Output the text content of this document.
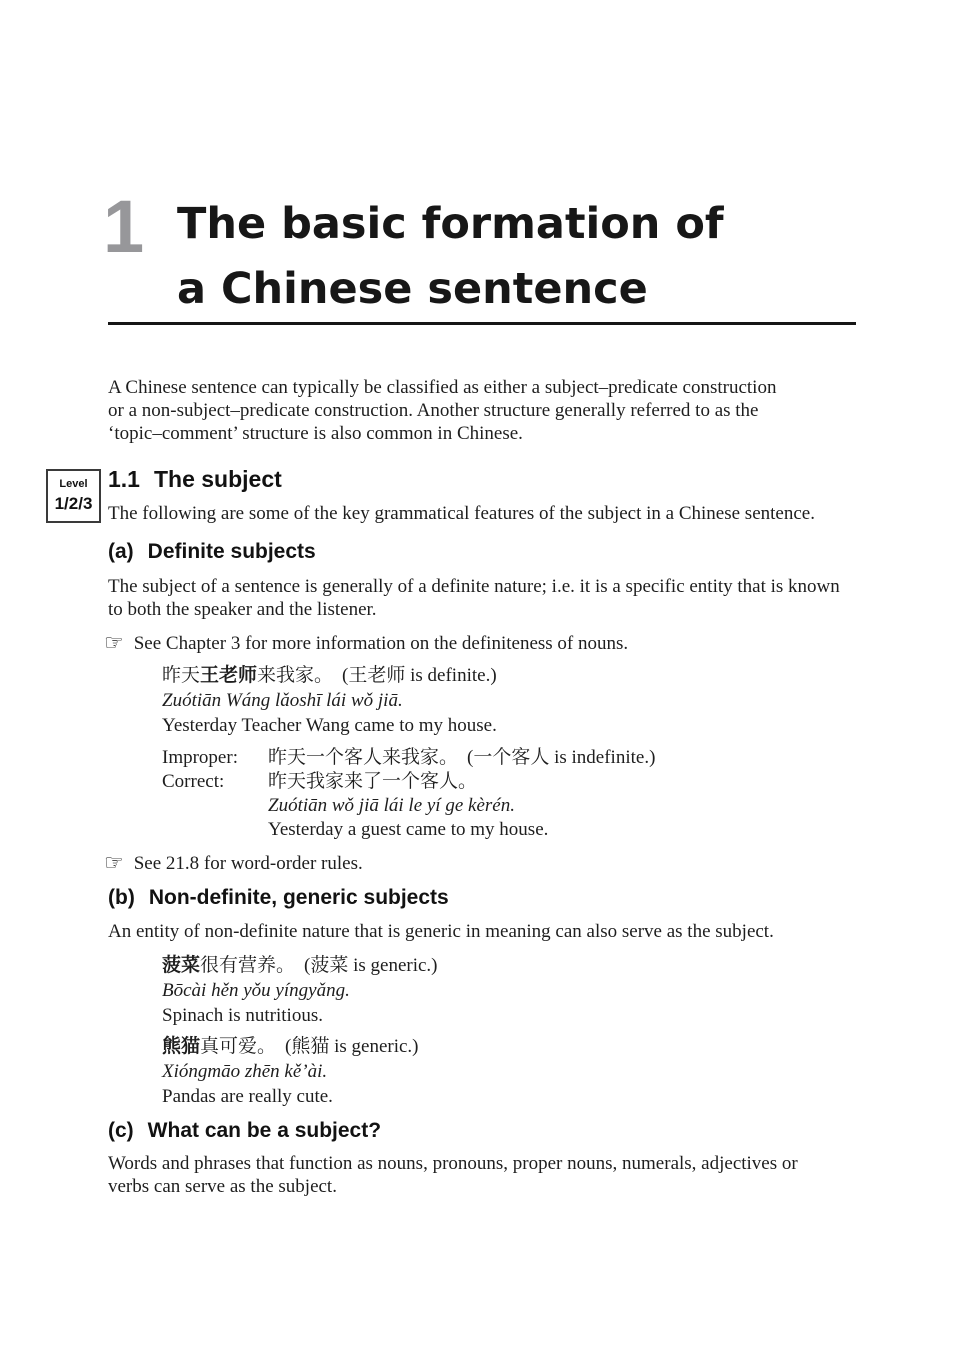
1 The basic formation of
a Chinese sentence
A Chinese sentence can typically be classified as either a subject–predicate construction
or a non-subject–predicate construction. Another structure generally referred to as the
‘topic–comment’ structure is also common in Chinese.
Level
1/2/3
1.1 The subject
The following are some of the key grammatical features of the subject in a Chinese sentence.
(a) Definite subjects
The subject of a sentence is generally of a definite nature; i.e. it is a specific entity that is known
to both the speaker and the listener.
☞ See Chapter 3 for more information on the definiteness of nouns.
昨天王老师来我家。 (王老师 is definite.)
Zuótiān Wáng lǎoshī lái wǒ jiā.
Yesterday Teacher Wang came to my house.
Improper:	昨天一个客人来我家。 (一个客人 is indefinite.)
Correct:	昨天我家来了一个客人。
Zuótiān wǒ jiā lái le yí ge kèrén.
Yesterday a guest came to my house.
☞ See 21.8 for word-order rules.
(b) Non-definite, generic subjects
An entity of non-definite nature that is generic in meaning can also serve as the subject.
菠菜很有营养。 (菠菜 is generic.)
Bōcài hěn yǒu yíngyǎng.
Spinach is nutritious.
熊猫真可爱。 (熊猫 is generic.)
Xióngmāo zhēn kě’ài.
Pandas are really cute.
(c) What can be a subject?
Words and phrases that function as nouns, pronouns, proper nouns, numerals, adjectives or
verbs can serve as the subject.
